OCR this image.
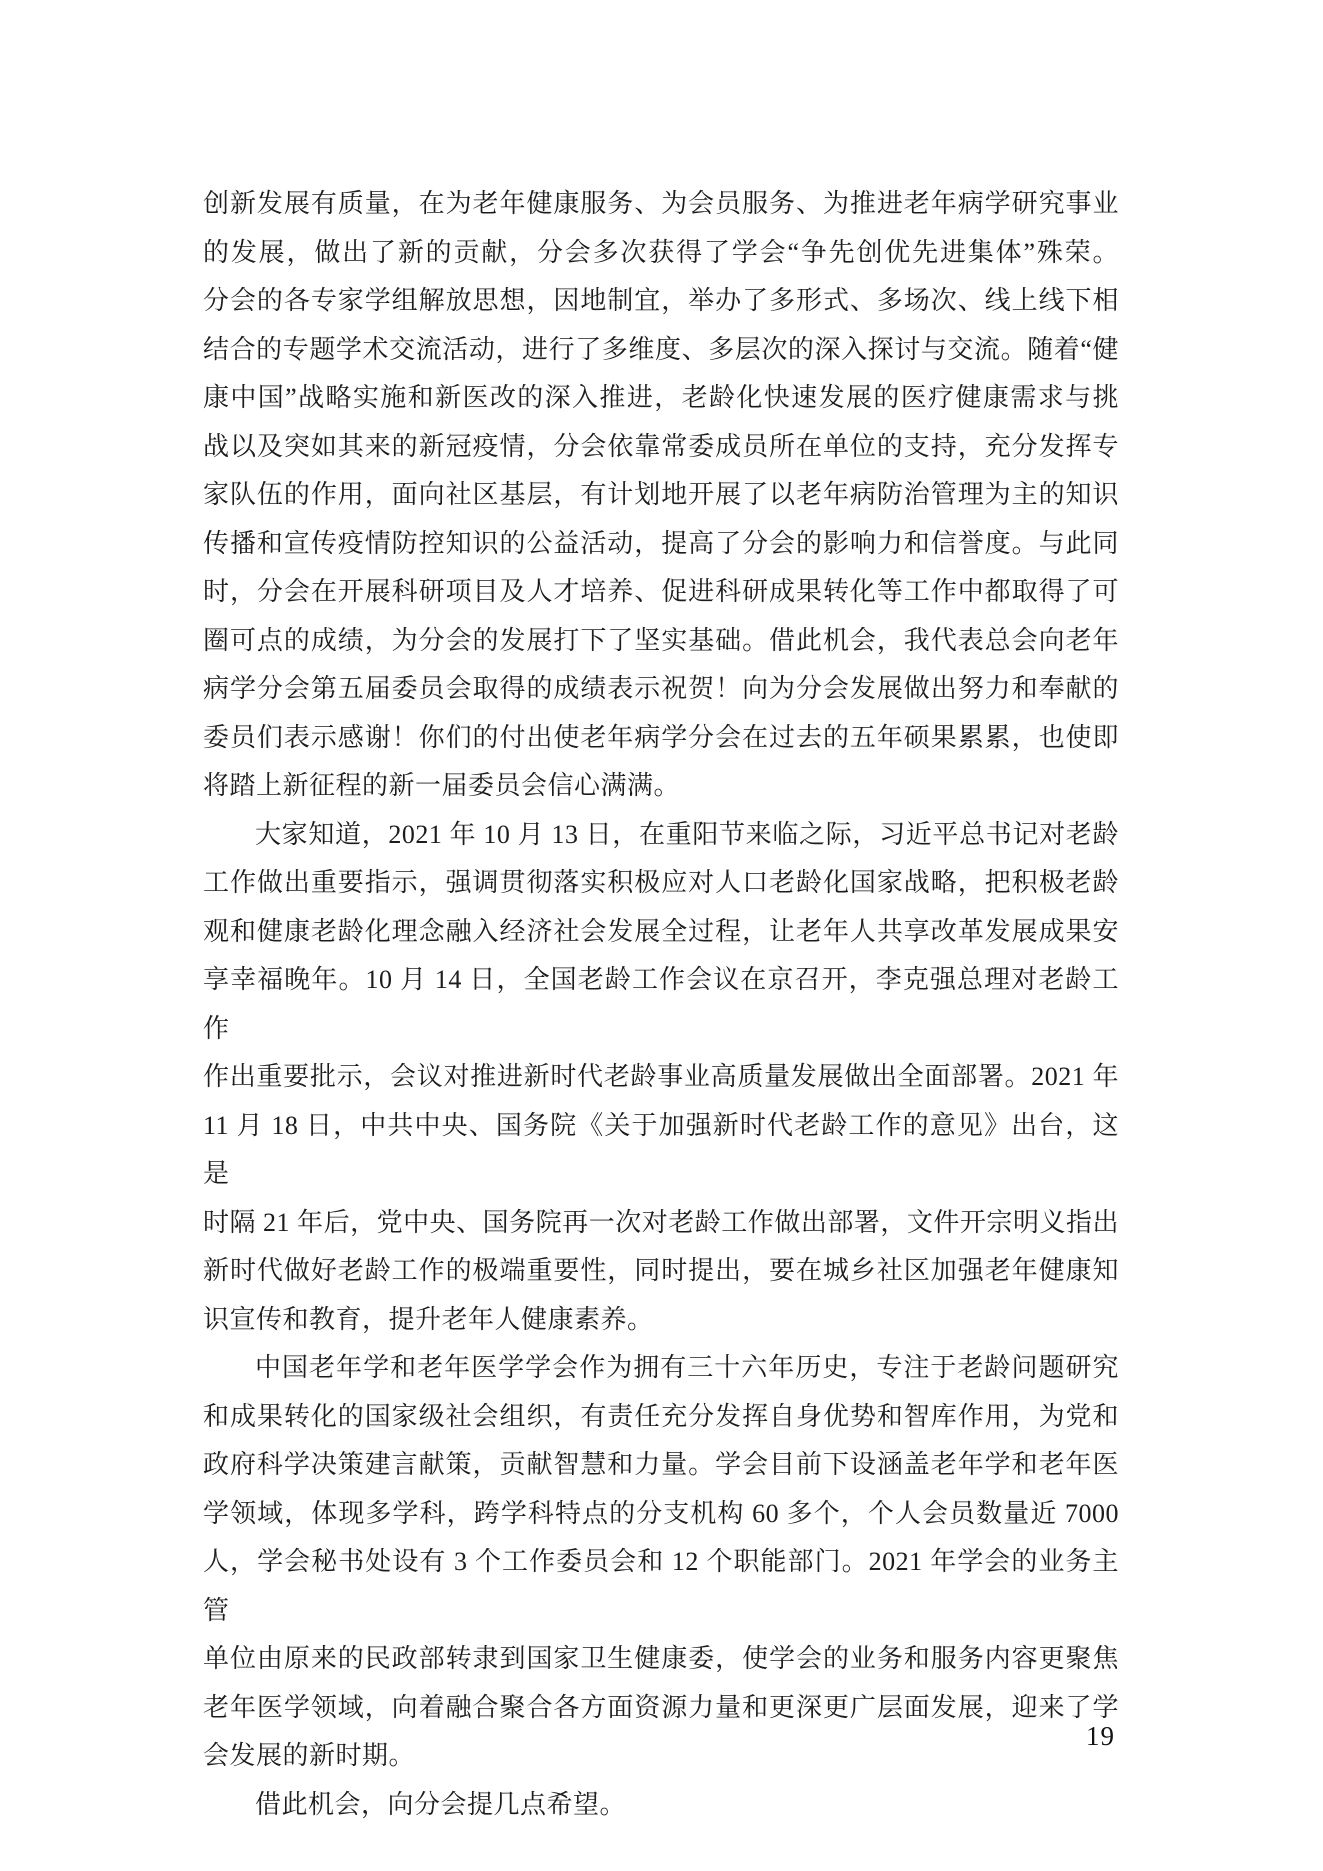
创新发展有质量，在为老年健康服务、为会员服务、为推进老年病学研究事业
的发展，做出了新的贡献，分会多次获得了学会“争先创优先进集体”殊荣。
分会的各专家学组解放思想，因地制宜，举办了多形式、多场次、线上线下相
结合的专题学术交流活动，进行了多维度、多层次的深入探讨与交流。随着“健
康中国”战略实施和新医改的深入推进，老龄化快速发展的医疗健康需求与挑
战以及突如其来的新冠疫情，分会依靠常委成员所在单位的支持，充分发挥专
家队伍的作用，面向社区基层，有计划地开展了以老年病防治管理为主的知识
传播和宣传疫情防控知识的公益活动，提高了分会的影响力和信誉度。与此同
时，分会在开展科研项目及人才培养、促进科研成果转化等工作中都取得了可
圈可点的成绩，为分会的发展打下了坚实基础。借此机会，我代表总会向老年
病学分会第五届委员会取得的成绩表示祝贺！向为分会发展做出努力和奉献的
委员们表示感谢！你们的付出使老年病学分会在过去的五年硕果累累，也使即
将踏上新征程的新一届委员会信心满满。
大家知道，2021 年 10 月 13 日，在重阳节来临之际，习近平总书记对老龄
工作做出重要指示，强调贯彻落实积极应对人口老龄化国家战略，把积极老龄
观和健康老龄化理念融入经济社会发展全过程，让老年人共享改革发展成果安
享幸福晚年。10 月 14 日，全国老龄工作会议在京召开，李克强总理对老龄工作
作出重要批示，会议对推进新时代老龄事业高质量发展做出全面部署。2021 年
11 月 18 日，中共中央、国务院《关于加强新时代老龄工作的意见》出台，这是
时隔 21 年后，党中央、国务院再一次对老龄工作做出部署，文件开宗明义指出
新时代做好老龄工作的极端重要性，同时提出，要在城乡社区加强老年健康知
识宣传和教育，提升老年人健康素养。
中国老年学和老年医学学会作为拥有三十六年历史，专注于老龄问题研究
和成果转化的国家级社会组织，有责任充分发挥自身优势和智库作用，为党和
政府科学决策建言献策，贡献智慧和力量。学会目前下设涵盖老年学和老年医
学领域，体现多学科，跨学科特点的分支机构 60 多个，个人会员数量近 7000
人，学会秘书处设有 3 个工作委员会和 12 个职能部门。2021 年学会的业务主管
单位由原来的民政部转隶到国家卫生健康委，使学会的业务和服务内容更聚焦
老年医学领域，向着融合聚合各方面资源力量和更深更广层面发展，迎来了学
会发展的新时期。
借此机会，向分会提几点希望。
19
